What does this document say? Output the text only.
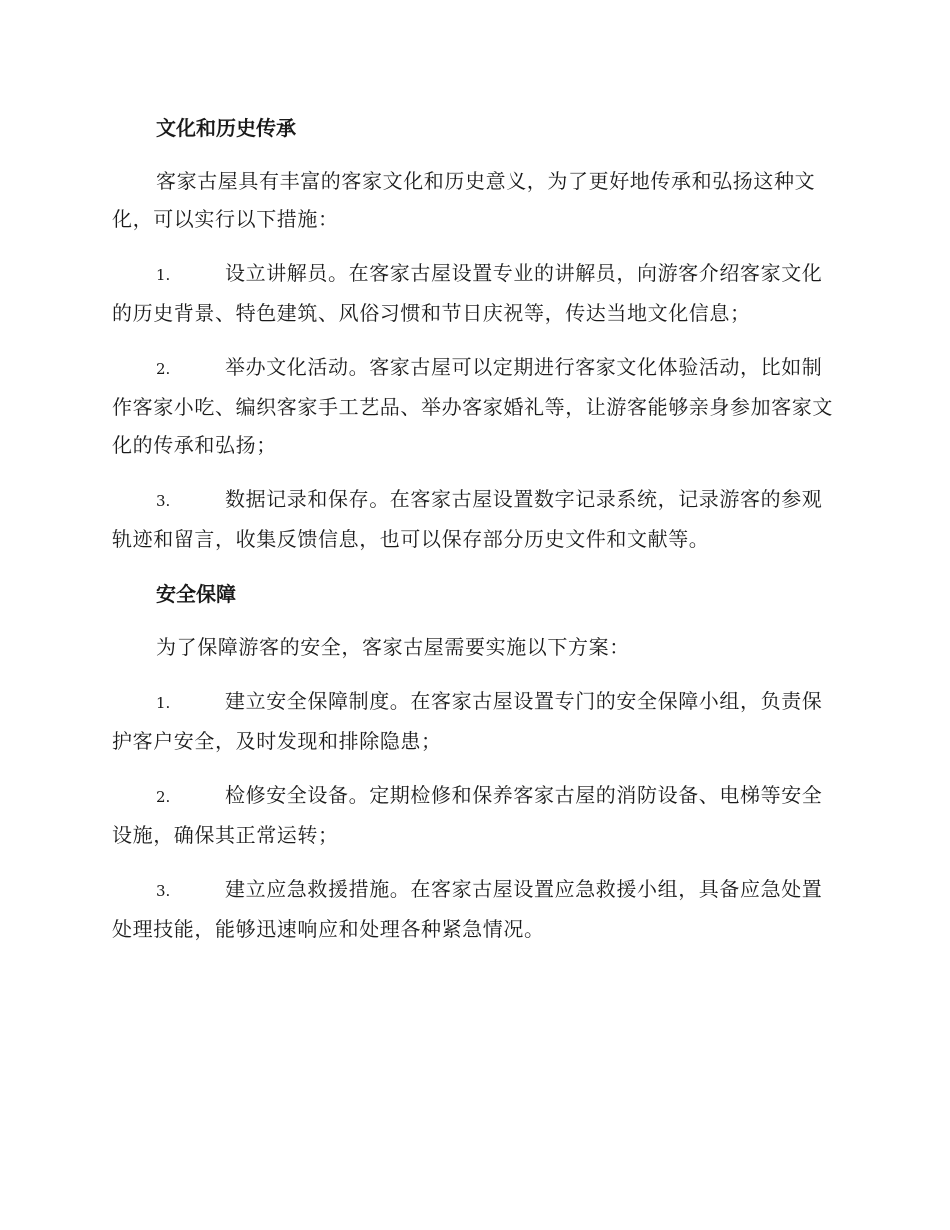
文化和历史传承

客家古屋具有丰富的客家文化和历史意义，为了更好地传承和弘扬这种文化，可以实行以下措施：

1.	设立讲解员。在客家古屋设置专业的讲解员，向游客介绍客家文化的历史背景、特色建筑、风俗习惯和节日庆祝等，传达当地文化信息；

2.	举办文化活动。客家古屋可以定期进行客家文化体验活动，比如制作客家小吃、编织客家手工艺品、举办客家婚礼等，让游客能够亲身参加客家文化的传承和弘扬；

3.	数据记录和保存。在客家古屋设置数字记录系统，记录游客的参观轨迹和留言，收集反馈信息，也可以保存部分历史文件和文献等。

安全保障

为了保障游客的安全，客家古屋需要实施以下方案：

1.	建立安全保障制度。在客家古屋设置专门的安全保障小组，负责保护客户安全，及时发现和排除隐患；

2.	检修安全设备。定期检修和保养客家古屋的消防设备、电梯等安全设施，确保其正常运转；

3.	建立应急救援措施。在客家古屋设置应急救援小组，具备应急处置处理技能，能够迅速响应和处理各种紧急情况。
